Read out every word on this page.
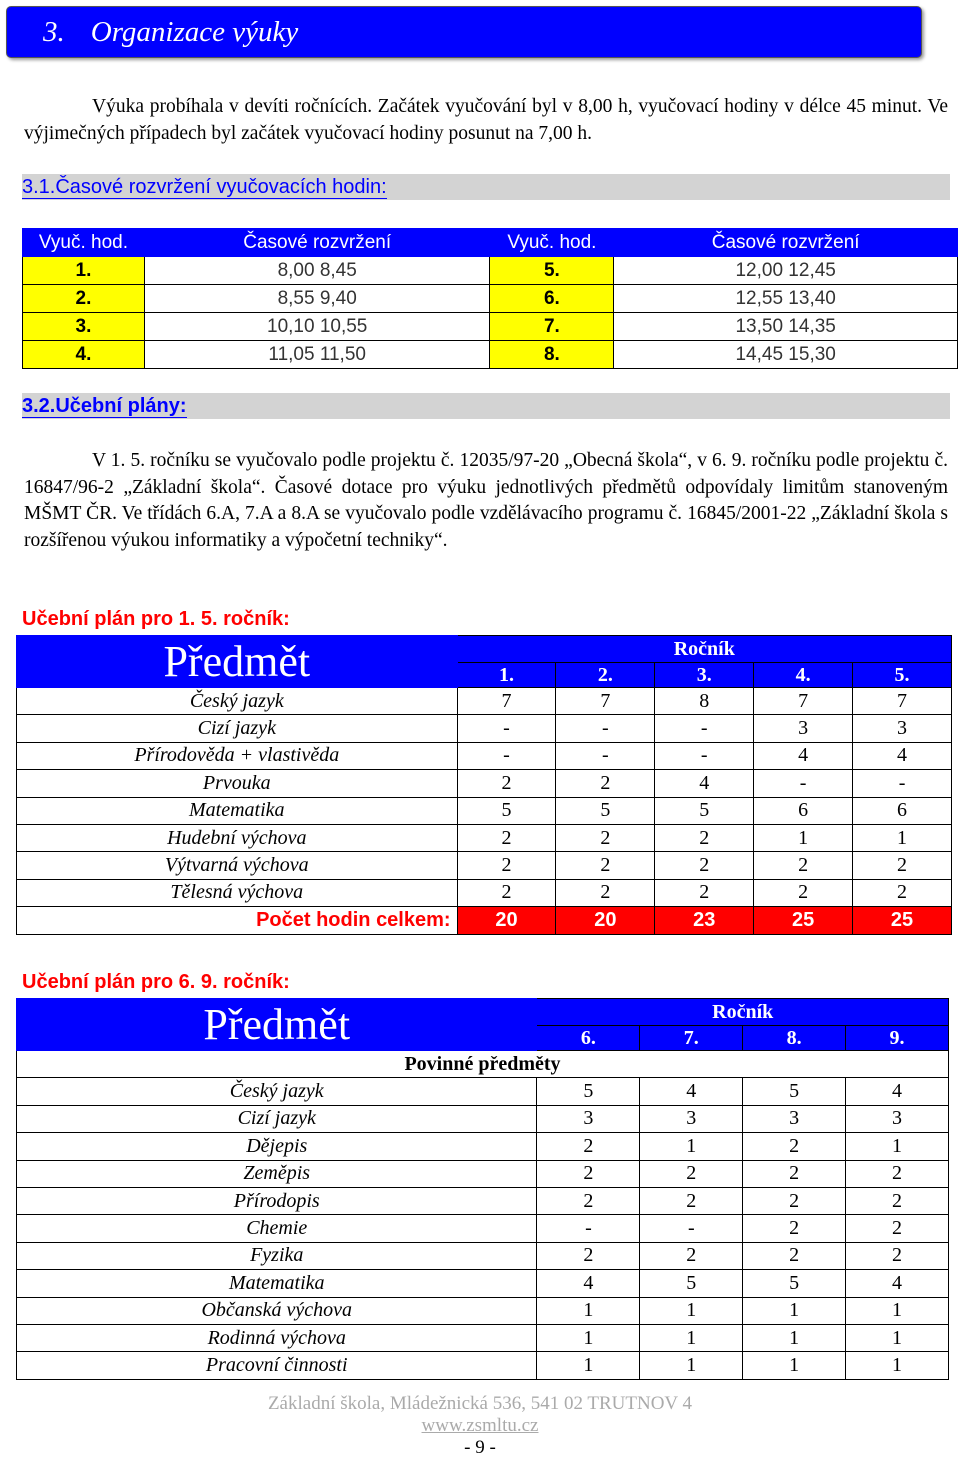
3. Organizace výuky

Výuka probíhala v devíti ročnících. Začátek vyučování byl v 8,00 h, vyučovací hodiny v délce 45 minut. Ve výjimečných případech byl začátek vyučovací hodiny posunut na 7,00 h.

3.1.Časové rozvržení vyučovacích hodin:
Vyuč. hod.	Časové rozvržení	Vyuč. hod.	Časové rozvržení
1.	8,00 8,45	5.	12,00 12,45
2.	8,55 9,40	6.	12,55 13,40
3.	10,10 10,55	7.	13,50 14,35
4.	11,05 11,50	8.	14,45 15,30
3.2.Učební plány:

V 1. 5. ročníku se vyučovalo podle projektu č. 12035/97-20 „Obecná škola“, v 6. 9. ročníku podle projektu č. 16847/96-2 „Základní škola“. Časové dotace pro výuku jednotlivých předmětů odpovídaly limitům stanoveným MŠMT ČR. Ve třídách 6.A, 7.A a 8.A se vyučovalo podle vzdělávacího programu č. 16845/2001-22 „Základní škola s rozšířenou výukou informatiky a výpočetní techniky“.

Učební plán pro 1. 5. ročník:
Předmět	Ročník				
	1.	2.	3.	4.	5.
Český jazyk	7	7	8	7	7
Cizí jazyk	-	-	-	3	3
Přírodověda + vlastivěda	-	-	-	4	4
Prvouka	2	2	4	-	-
Matematika	5	5	5	6	6
Hudební výchova	2	2	2	1	1
Výtvarná výchova	2	2	2	2	2
Tělesná výchova	2	2	2	2	2
Počet hodin celkem:	20	20	23	25	25
Učební plán pro 6. 9. ročník:
Předmět	Ročník			
	6.	7.	8.	9.
Povinné předměty				
Český jazyk	5	4	5	4
Cizí jazyk	3	3	3	3
Dějepis	2	1	2	1
Zeměpis	2	2	2	2
Přírodopis	2	2	2	2
Chemie	-	-	2	2
Fyzika	2	2	2	2
Matematika	4	5	5	4
Občanská výchova	1	1	1	1
Rodinná výchova	1	1	1	1
Pracovní činnosti	1	1	1	1
Základní škola, Mládežnická 536, 541 02 TRUTNOV 4
www.zsmltu.cz
- 9 -
